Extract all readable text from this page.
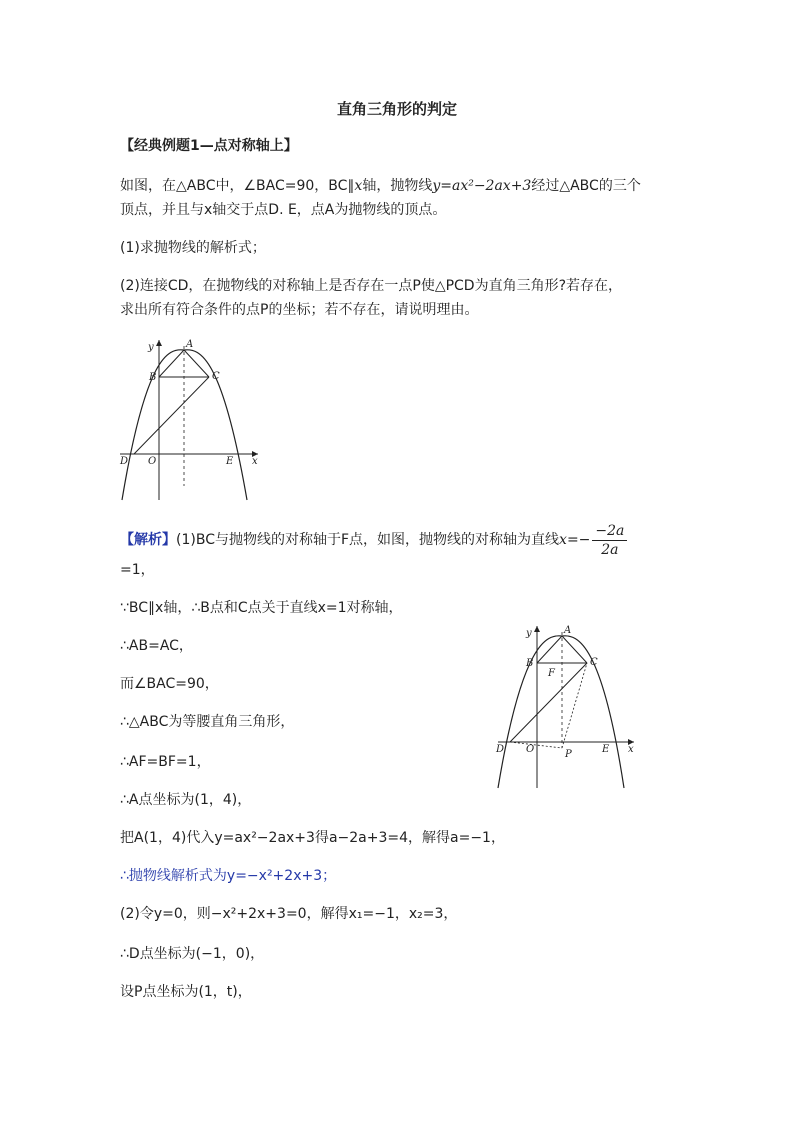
直角三角形的判定
【经典例题1—点对称轴上】
如图，在△ABC中，∠BAC=90，BC∥x轴，抛物线y=ax²−2ax+3经过△ABC的三个
顶点，并且与x轴交于点D. E，点A为抛物线的顶点。
(1)求抛物线的解析式；
(2)连接CD，在抛物线的对称轴上是否存在一点P使△PCD为直角三角形?若存在，
求出所有符合条件的点P的坐标；若不存在，请说明理由。
y	A
B	C
D O	E x
【解析】(1)BC与抛物线的对称轴于F点，如图，抛物线的对称轴为直线$x=- \frac{-2a}{2a}$
=1，
∵BC∥x轴，∴B点和C点关于直线x=1对称轴，
∴AB=AC，
而∠BAC=90，
∴△ABC为等腰直角三角形，
∴AF=BF=1，
∴A点坐标为(1，4)，
把A(1，4)代入y=ax²−2ax+3得a−2a+3=4，解得a=−1，
∴抛物线解析式为y=−x²+2x+3；
(2)令y=0，则−x²+2x+3=0，解得x₁=−1，x₂=3，
∴D点坐标为(−1，0)，
设P点坐标为(1，t)，
y	A
B	C
F
D O	P	E x
